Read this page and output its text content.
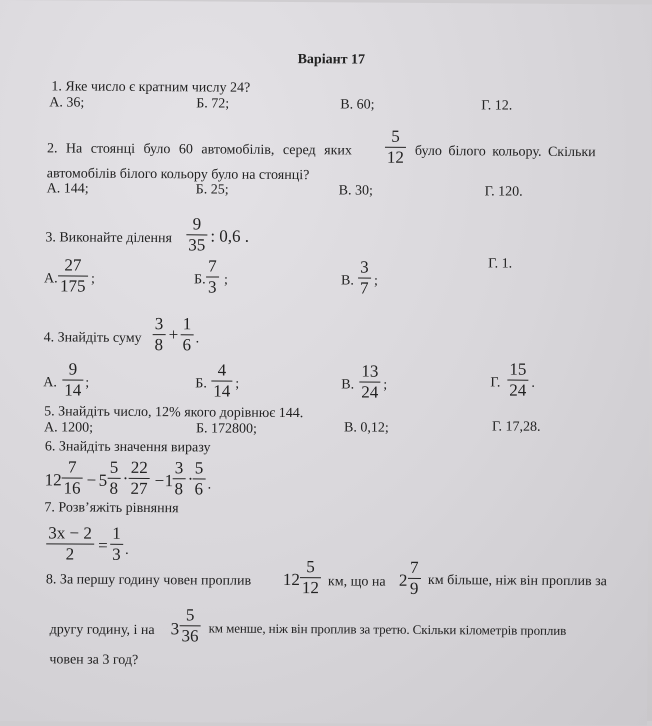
Варіант 17
1. Яке число є кратним числу 24?
А. 36;	Б. 72;	В. 60;	Г. 12.
2. На стоянці було 60 автомобілів, серед яких
5
12 було білого кольору. Скільки
автомобілів білого кольору було на стоянці?
А. 144;	Б. 25;	В. 30;	Г. 120.
3. Виконайте ділення
9
35 : 0,6 .
А.
27
175 ;	Б.
7
3 ;	В.
3
7 ;
Г. 1.
4. Знайдіть суму
3
8
+
1
6 .
А.
9
14 ;	Б.
4
14 ;	В.
13
24 ;	Г.
15
24 .
5. Знайдіть число, 12% якого дорівнює 144.
А. 1200;	Б. 172800;	В. 0,12;	Г. 17,28.
6. Знайдіть значення виразу
12
7
16 − 5
5
8
·
22
27 − 1
3
8
·
5
6 .
7. Розв’яжіть рівняння
3x − 2
2 =
1
3 .
8. За першу годину човен проплив 12
5
12 км, що на 2
7
9 км більше, ніж він проплив за
другу годину, і на 3
5
36 км менше, ніж він проплив за третю. Скільки кілометрів проплив
човен за 3 год?
